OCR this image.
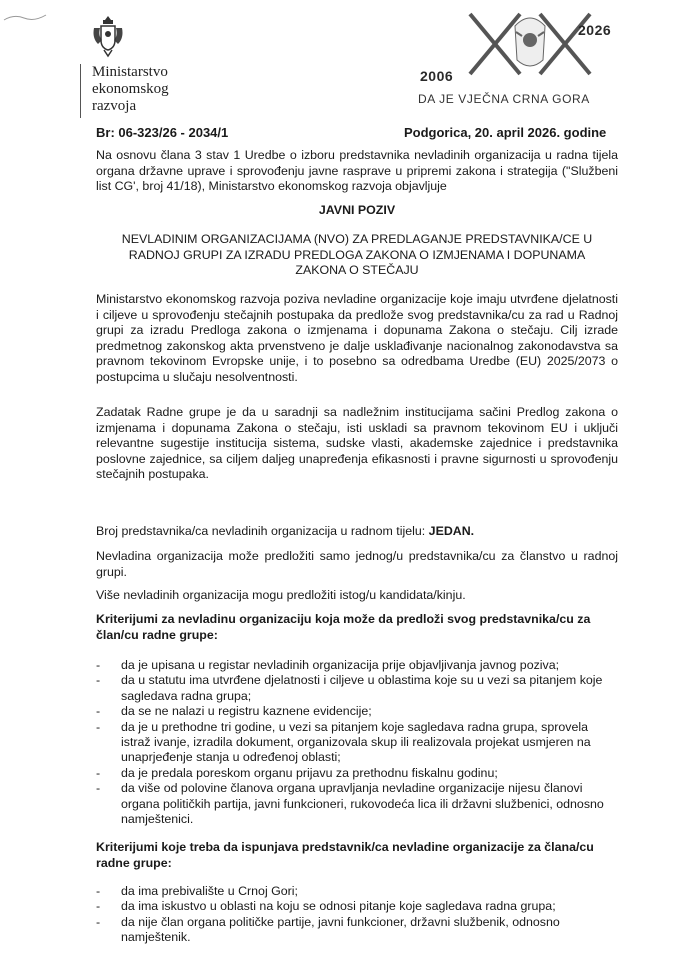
Ministarstvo
ekonomskog
razvoja
2026
2006
DA JE VJEČNA CRNA GORA
Br: 06-323/26 - 2034/1	Podgorica, 20. april 2026. godine
Na osnovu člana 3 stav 1 Uredbe o izboru predstavnika nevladinih organizacija u radna tijela organa državne uprave i sprovođenju javne rasprave u pripremi zakona i strategija ("Službeni list CG', broj 41/18), Ministarstvo ekonomskog razvoja objavljuje
JAVNI POZIV
NEVLADINIM ORGANIZACIJAMA (NVO) ZA PREDLAGANJE PREDSTAVNIKA/CE U RADNOJ GRUPI ZA IZRADU PREDLOGA ZAKONA O IZMJENAMA I DOPUNAMA ZAKONA O STEČAJU
Ministarstvo ekonomskog razvoja poziva nevladine organizacije koje imaju utvrđene djelatnosti i ciljeve u sprovođenju stečajnih postupaka da predlože svog predstavnika/cu za rad u Radnoj grupi za izradu Predloga zakona o izmjenama i dopunama Zakona o stečaju. Cilj izrade predmetnog zakonskog akta prvenstveno je dalje usklađivanje nacionalnog zakonodavstva sa pravnom tekovinom Evropske unije, i to posebno sa odredbama Uredbe (EU) 2025/2073 o postupcima u slučaju nesolventnosti.
Zadatak Radne grupe je da u saradnji sa nadležnim institucijama sačini Predlog zakona o izmjenama i dopunama Zakona o stečaju, isti uskladi sa pravnom tekovinom EU i uključi relevantne sugestije institucija sistema, sudske vlasti, akademske zajednice i predstavnika poslovne zajednice, sa ciljem daljeg unapređenja efikasnosti i pravne sigurnosti u sprovođenju stečajnih postupaka.
Broj predstavnika/ca nevladinih organizacija u radnom tijelu: JEDAN.
Nevladina organizacija može predložiti samo jednog/u predstavnika/cu za članstvo u radnoj grupi.
Više nevladinih organizacija mogu predložiti istog/u kandidata/kinju.
Kriterijumi za nevladinu organizaciju koja može da predloži svog predstavnika/cu za član/cu radne grupe:
- da je upisana u registar nevladinih organizacija prije objavljivanja javnog poziva;
- da u statutu ima utvrđene djelatnosti i ciljeve u oblastima koje su u vezi sa pitanjem koje sagledava radna grupa;
- da se ne nalazi u registru kaznene evidencije;
- da je u prethodne tri godine, u vezi sa pitanjem koje sagledava radna grupa, sprovela istraž ivanje, izradila dokument, organizovala skup ili realizovala projekat usmjeren na unaprjeđenje stanja u određenoj oblasti;
- da je predala poreskom organu prijavu za prethodnu fiskalnu godinu;
- da više od polovine članova organa upravljanja nevladine organizacije nijesu članovi organa političkih partija, javni funkcioneri, rukovodeća lica ili državni službenici, odnosno namještenici.
Kriterijumi koje treba da ispunjava predstavnik/ca nevladine organizacije za člana/cu radne grupe:
- da ima prebivalište u Crnoj Gori;
- da ima iskustvo u oblasti na koju se odnosi pitanje koje sagledava radna grupa;
- da nije član organa političke partije, javni funkcioner, državni službenik, odnosno namještenik.
